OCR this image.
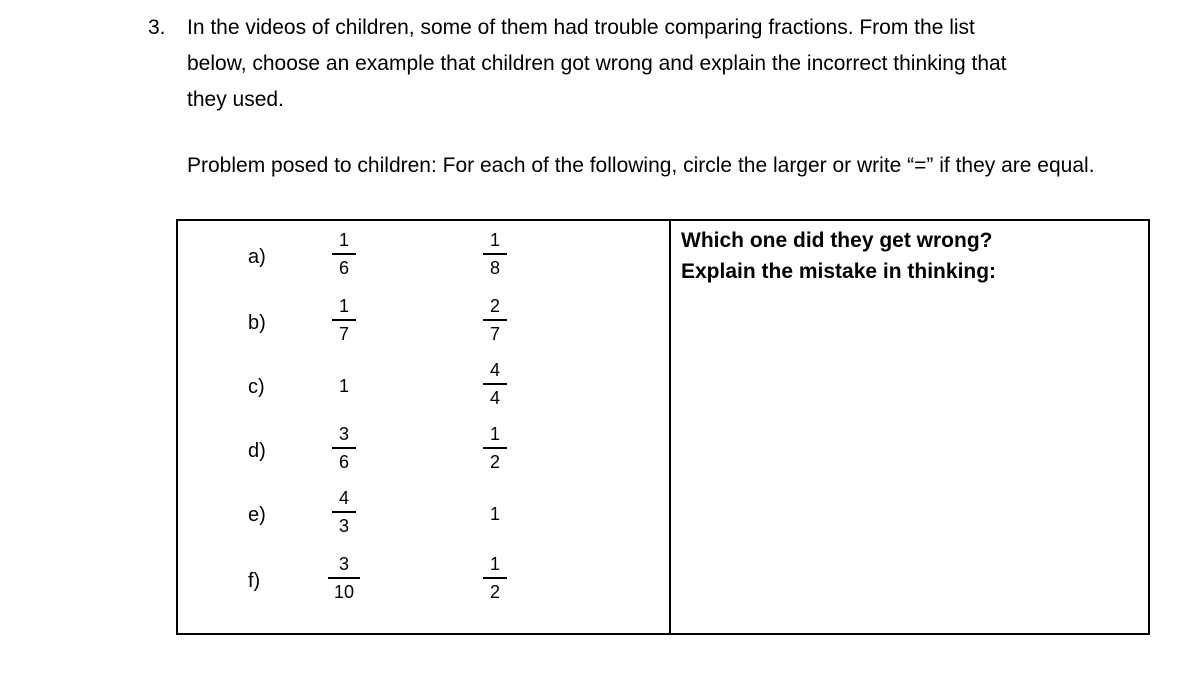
3. In the videos of children, some of them had trouble comparing fractions. From the list
below, choose an example that children got wrong and explain the incorrect thinking that
they used.
Problem posed to children: For each of the following, circle the larger or write “=” if they are equal.
Which one did they get wrong?
Explain the mistake in thinking:
a)
1
6
1
8
b)
1
7
2
7
c)	1
4
4
d)
3
6
1
2
e)
4
3
1
f)
3
10
1
2
